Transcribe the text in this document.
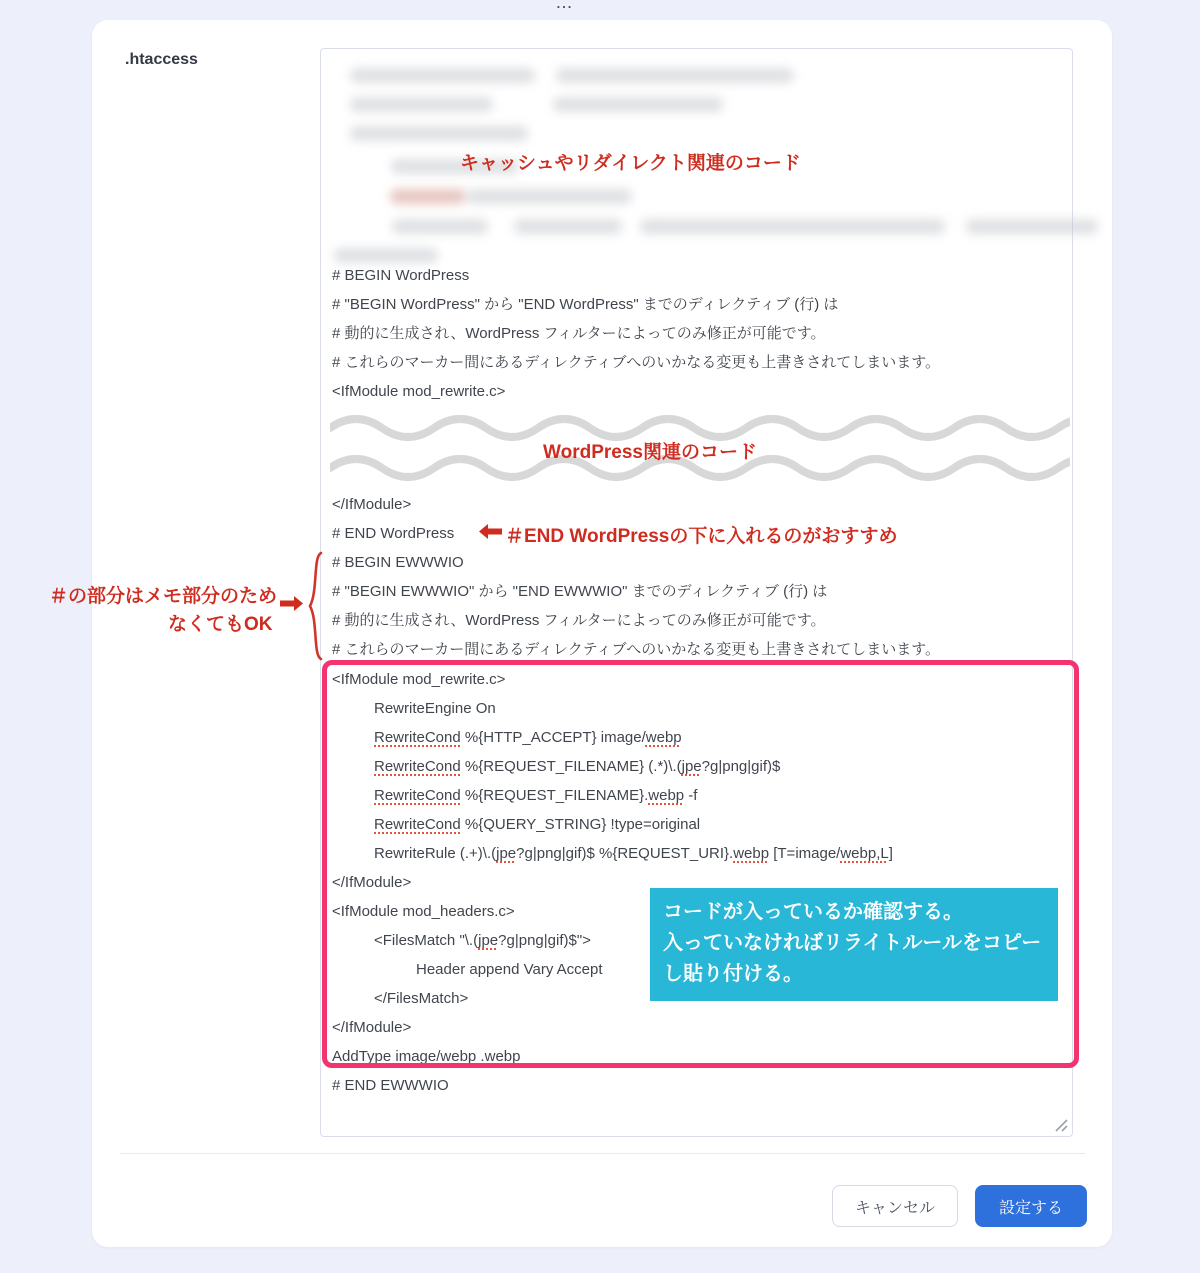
...
.htaccess
# BEGIN WordPress
# "BEGIN WordPress" から "END WordPress" までのディレクティブ (行) は
# 動的に生成され、WordPress フィルターによってのみ修正が可能です。
# これらのマーカー間にあるディレクティブへのいかなる変更も上書きされてしまいます。
<IfModule mod_rewrite.c>
</IfModule>
# END WordPress
# BEGIN EWWWIO
# "BEGIN EWWWIO" から "END EWWWIO" までのディレクティブ (行) は
# 動的に生成され、WordPress フィルターによってのみ修正が可能です。
# これらのマーカー間にあるディレクティブへのいかなる変更も上書きされてしまいます。
<IfModule mod_rewrite.c>
RewriteEngine On
RewriteCond %{HTTP_ACCEPT} image/webp
RewriteCond %{REQUEST_FILENAME} (.*)\.(jpe?g|png|gif)$
RewriteCond %{REQUEST_FILENAME}.webp -f
RewriteCond %{QUERY_STRING} !type=original
RewriteRule (.+)\.(jpe?g|png|gif)$ %{REQUEST_URI}.webp [T=image/webp,L]
</IfModule>
<IfModule mod_headers.c>
<FilesMatch "\.(jpe?g|png|gif)$">
Header append Vary Accept
</FilesMatch>
</IfModule>
AddType image/webp .webp
# END EWWWIO
コードが入っているか確認する。
入っていなければリライトルールをコピー
し貼り付ける。
キャッシュやリダイレクト関連のコード
WordPress関連のコード
＃END WordPressの下に入れるのがおすすめ
＃の部分はメモ部分のため
なくてもOK
キャンセル	設定する
